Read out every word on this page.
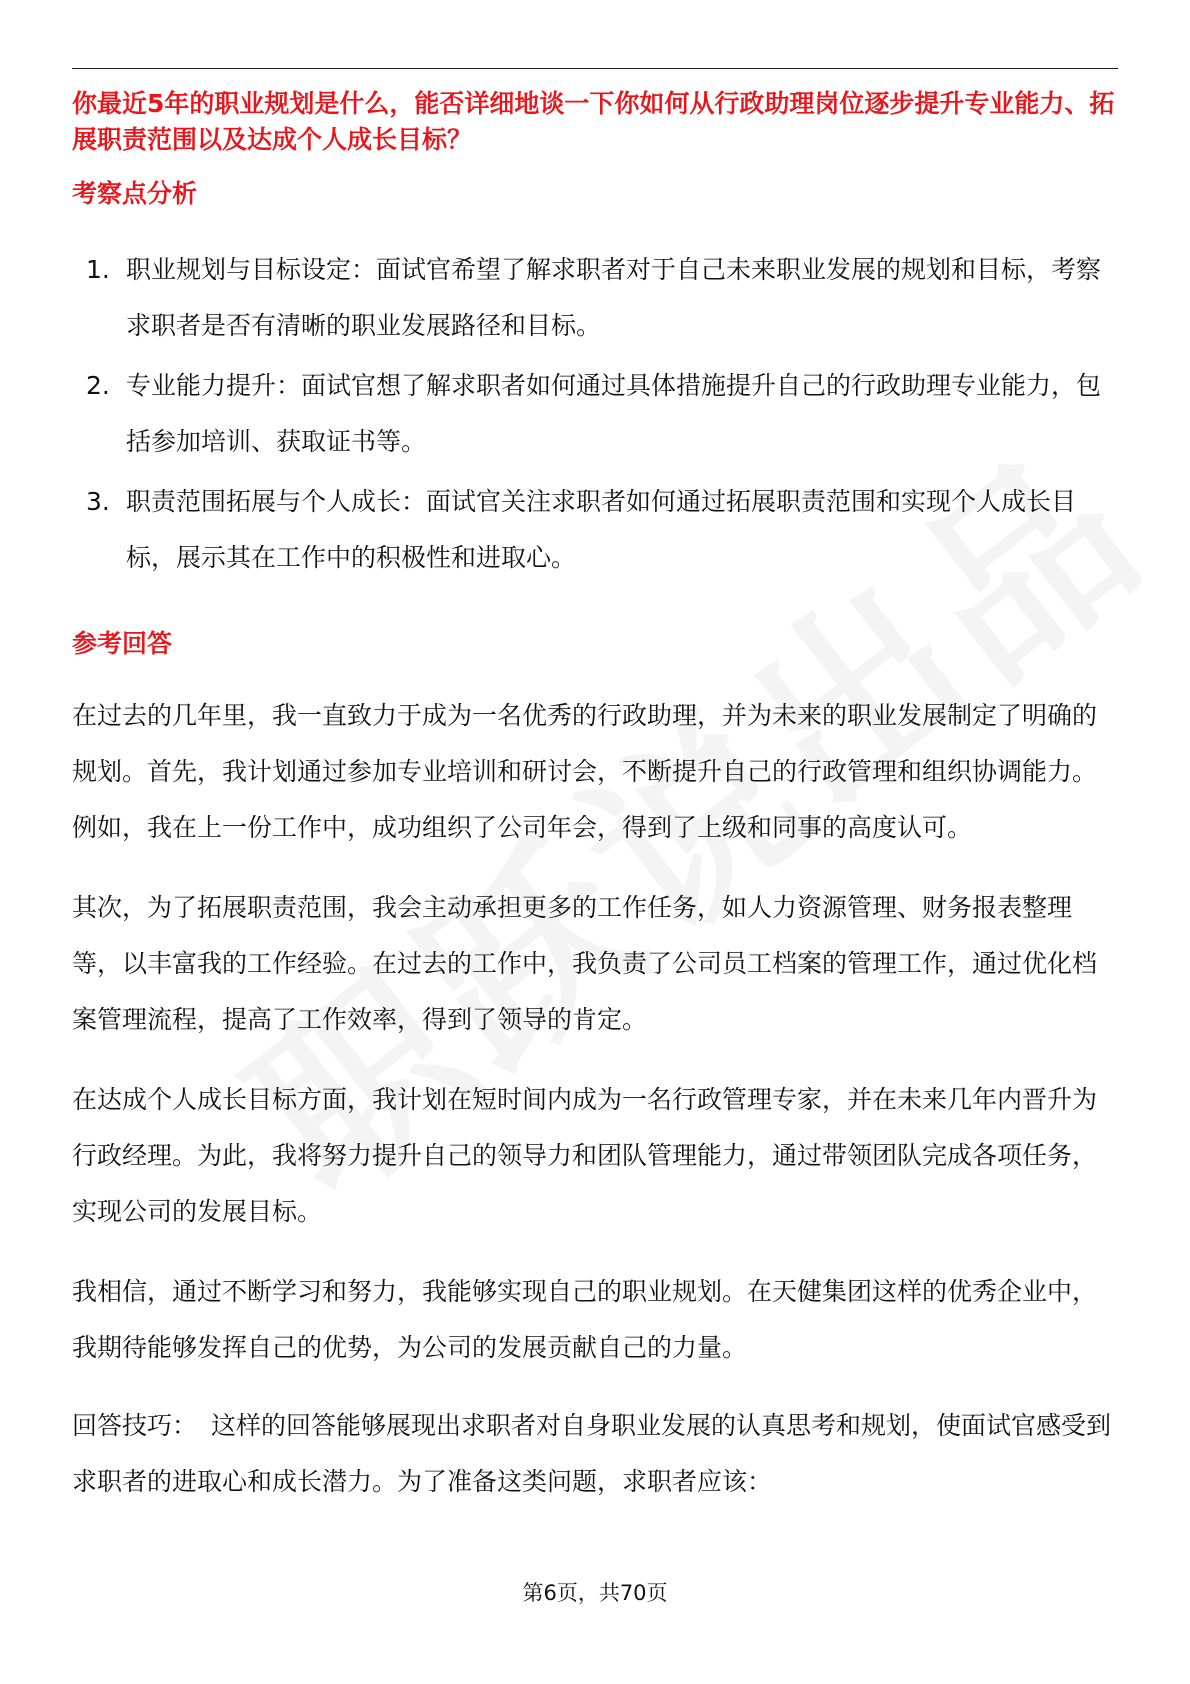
你最近5年的职业规划是什么，能否详细地谈一下你如何从行政助理岗位逐步提升专业能力、拓展职责范围以及达成个人成长目标？

考察点分析

1. 职业规划与目标设定：面试官希望了解求职者对于自己未来职业发展的规划和目标，考察求职者是否有清晰的职业发展路径和目标。
2. 专业能力提升：面试官想了解求职者如何通过具体措施提升自己的行政助理专业能力，包括参加培训、获取证书等。
3. 职责范围拓展与个人成长：面试官关注求职者如何通过拓展职责范围和实现个人成长目标，展示其在工作中的积极性和进取心。

参考回答

在过去的几年里，我一直致力于成为一名优秀的行政助理，并为未来的职业发展制定了明确的规划。首先，我计划通过参加专业培训和研讨会，不断提升自己的行政管理和组织协调能力。例如，我在上一份工作中，成功组织了公司年会，得到了上级和同事的高度认可。

其次，为了拓展职责范围，我会主动承担更多的工作任务，如人力资源管理、财务报表整理等，以丰富我的工作经验。在过去的工作中，我负责了公司员工档案的管理工作，通过优化档案管理流程，提高了工作效率，得到了领导的肯定。

在达成个人成长目标方面，我计划在短时间内成为一名行政管理专家，并在未来几年内晋升为行政经理。为此，我将努力提升自己的领导力和团队管理能力，通过带领团队完成各项任务，实现公司的发展目标。

我相信，通过不断学习和努力，我能够实现自己的职业规划。在天健集团这样的优秀企业中，我期待能够发挥自己的优势，为公司的发展贡献自己的力量。

回答技巧： 这样的回答能够展现出求职者对自身职业发展的认真思考和规划，使面试官感受到求职者的进取心和成长潜力。为了准备这类问题，求职者应该：

第6页，共70页
